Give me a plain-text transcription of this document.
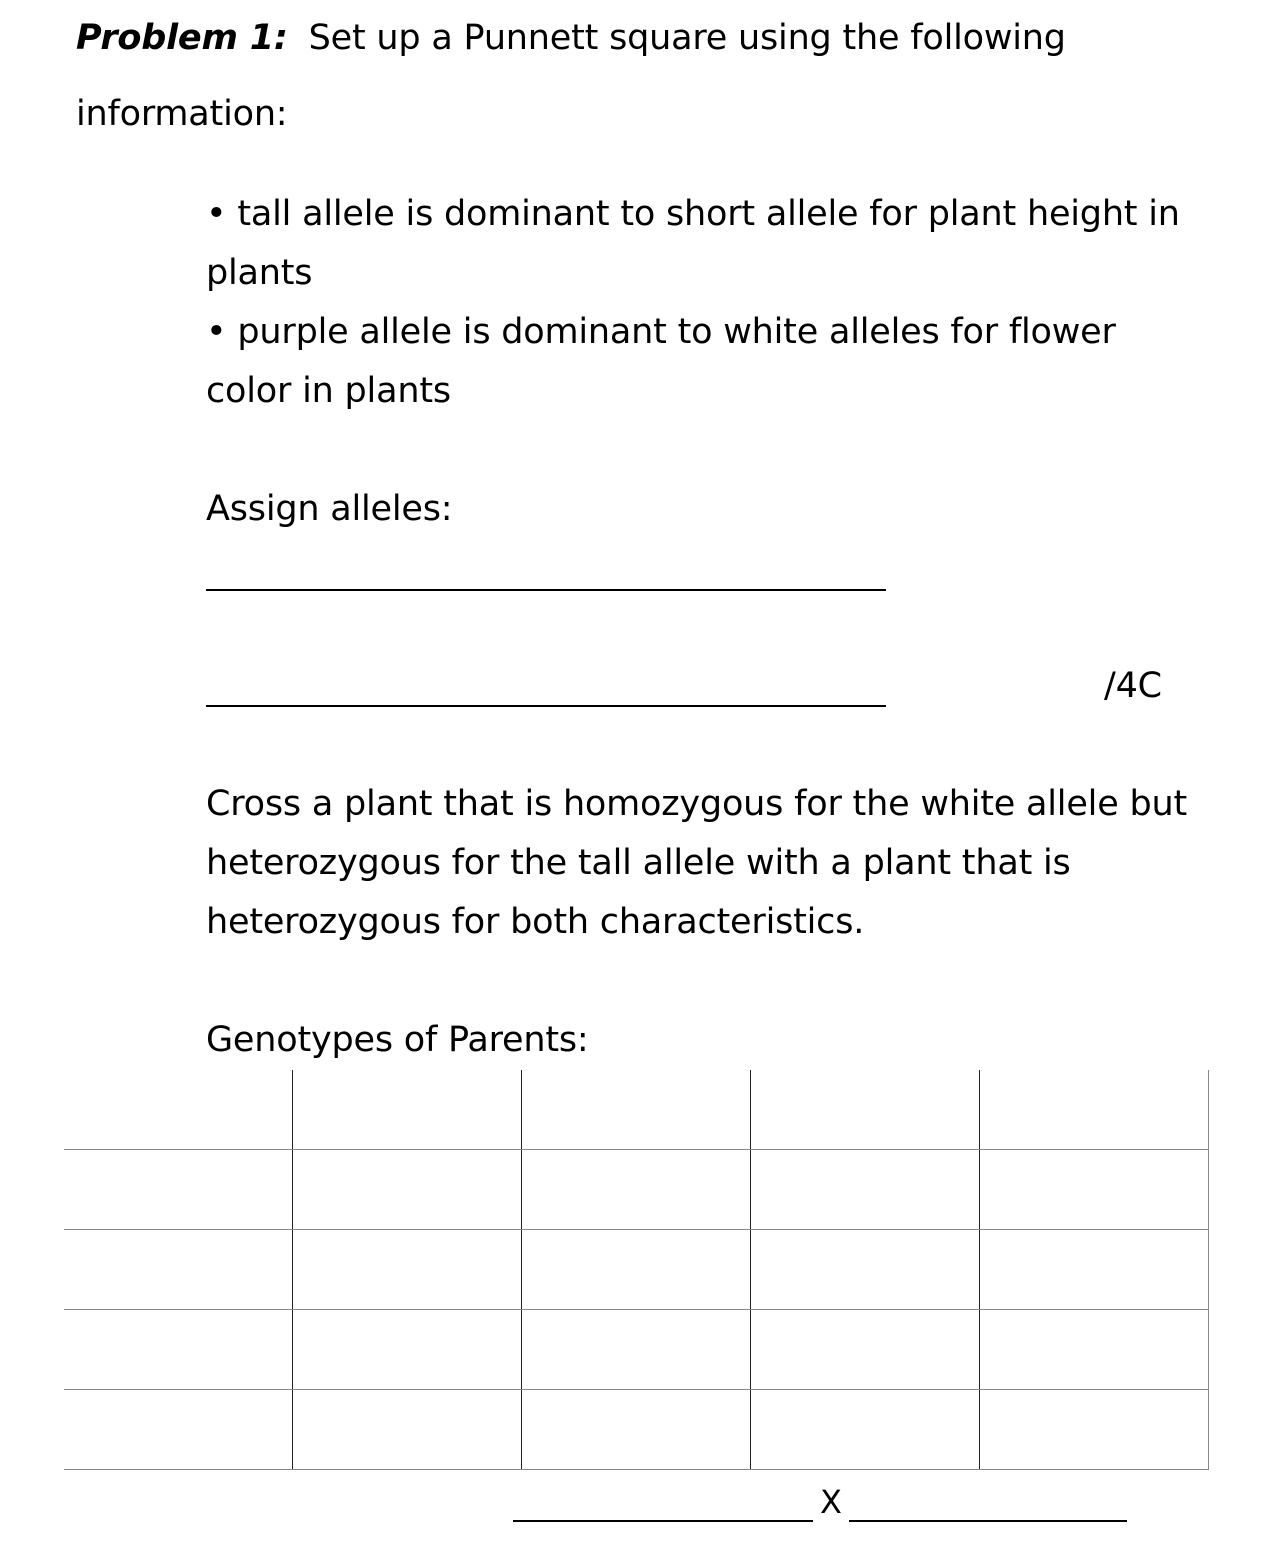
Problem 1: Set up a Punnett square using the following
information:
• tall allele is dominant to short allele for plant height in
plants
• purple allele is dominant to white alleles for flower
color in plants
Assign alleles:
/4C
Cross a plant that is homozygous for the white allele but
heterozygous for the tall allele with a plant that is
heterozygous for both characteristics.
Genotypes of Parents:

X
